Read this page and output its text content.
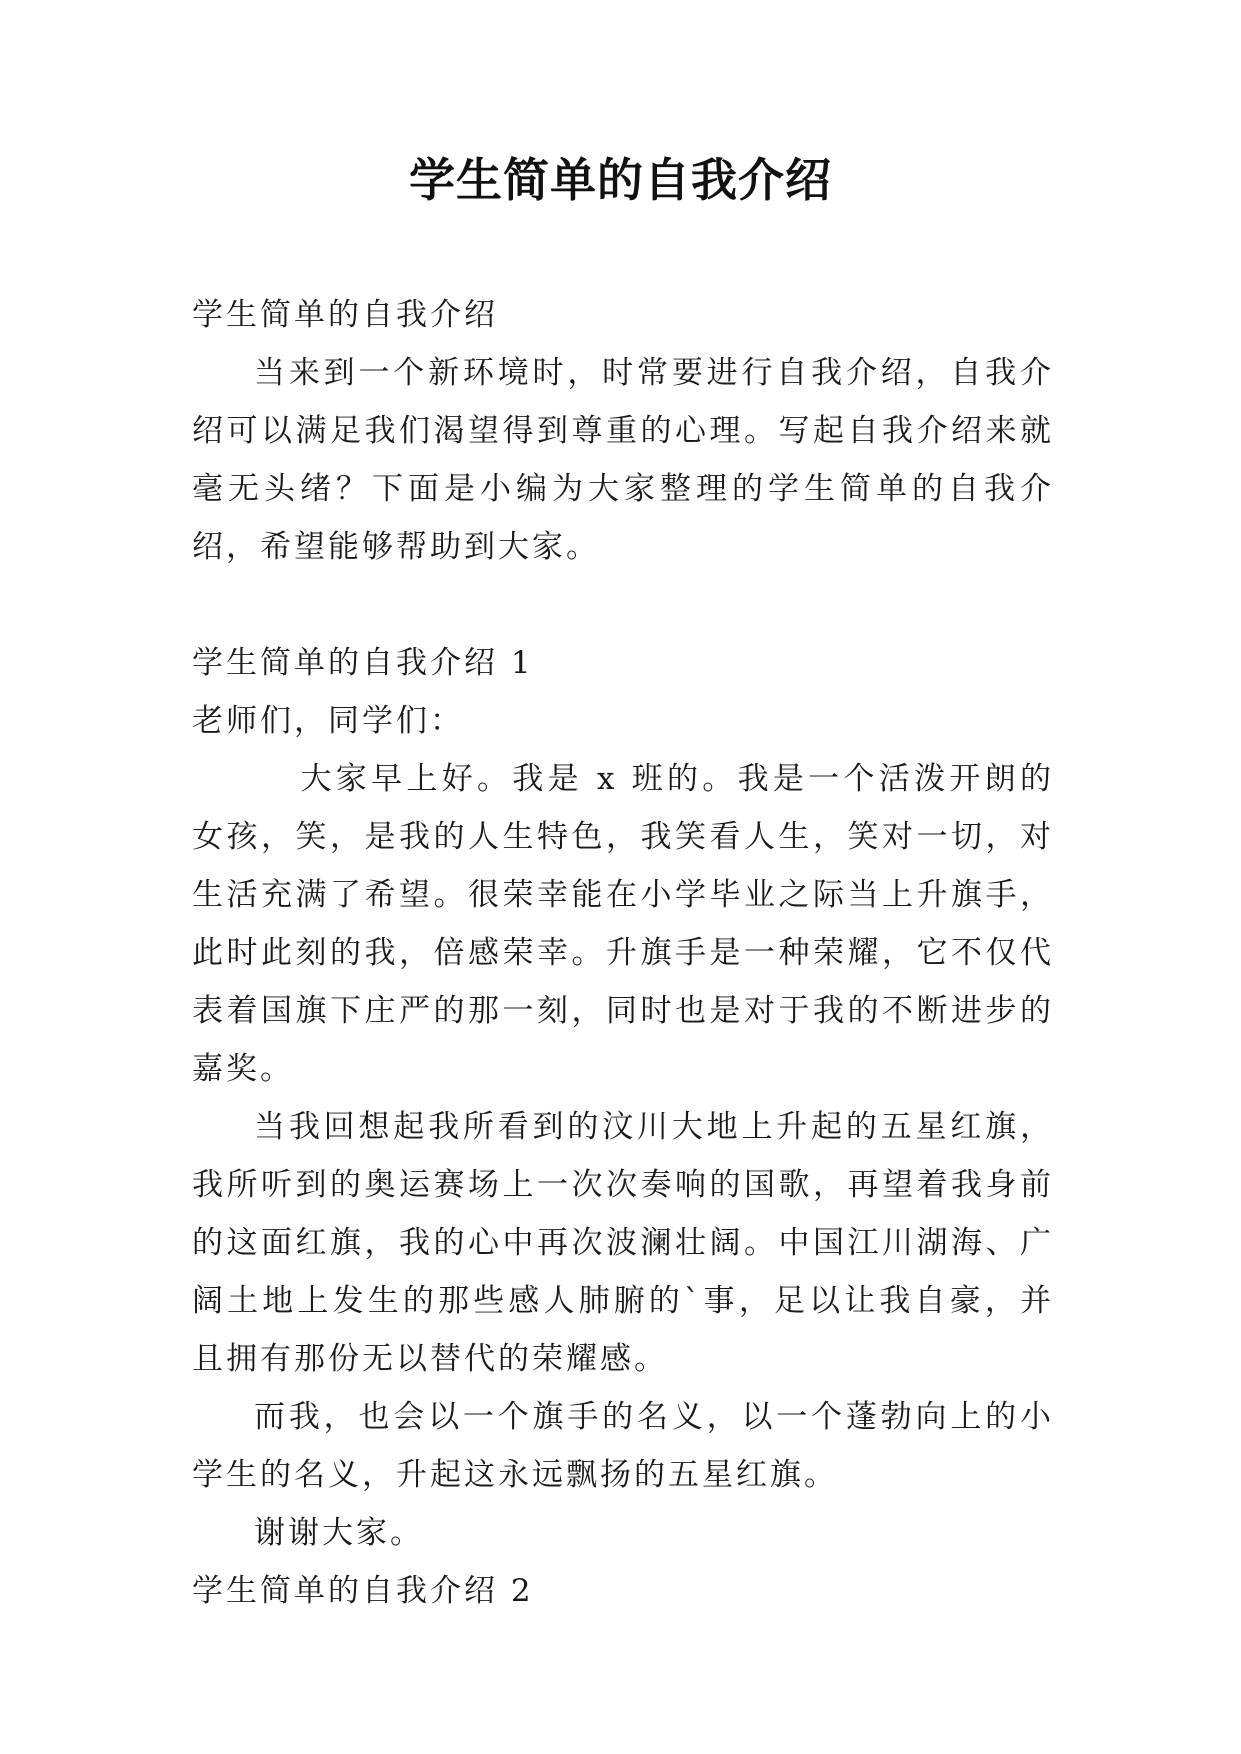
学生简单的自我介绍

学生简单的自我介绍

当来到一个新环境时，时常要进行自我介绍，自我介绍可以满足我们渴望得到尊重的心理。写起自我介绍来就毫无头绪？下面是小编为大家整理的学生简单的自我介绍，希望能够帮助到大家。

学生简单的自我介绍 1

老师们，同学们：

大家早上好。我是 x 班的。我是一个活泼开朗的女孩，笑，是我的人生特色，我笑看人生，笑对一切，对生活充满了希望。很荣幸能在小学毕业之际当上升旗手，此时此刻的我，倍感荣幸。升旗手是一种荣耀，它不仅代表着国旗下庄严的那一刻，同时也是对于我的不断进步的嘉奖。

当我回想起我所看到的汶川大地上升起的五星红旗，我所听到的奥运赛场上一次次奏响的国歌，再望着我身前的这面红旗，我的心中再次波澜壮阔。中国江川湖海、广阔土地上发生的那些感人肺腑的`事，足以让我自豪，并且拥有那份无以替代的荣耀感。

而我，也会以一个旗手的名义，以一个蓬勃向上的小学生的名义，升起这永远飘扬的五星红旗。

谢谢大家。

学生简单的自我介绍 2
